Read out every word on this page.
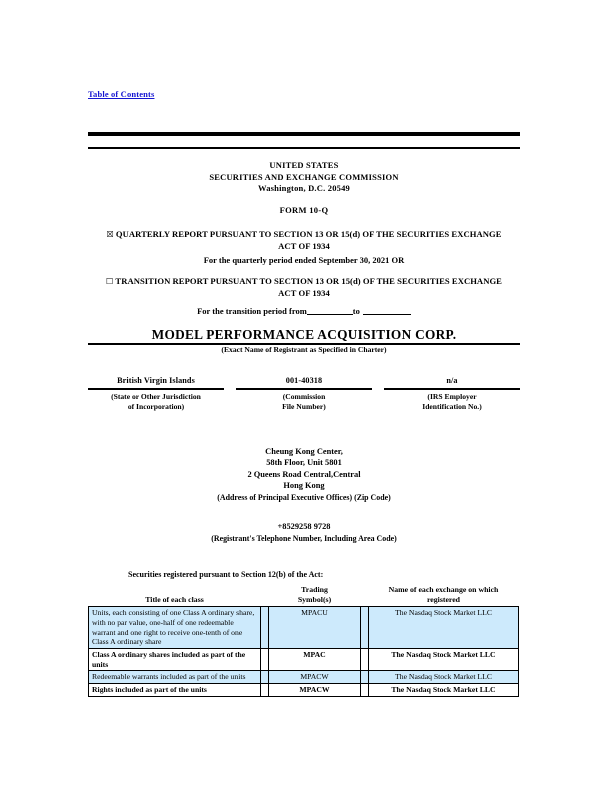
Table of Contents
UNITED STATES
SECURITIES AND EXCHANGE COMMISSION
Washington, D.C. 20549
FORM 10-Q
☒ QUARTERLY REPORT PURSUANT TO SECTION 13 OR 15(d) OF THE SECURITIES EXCHANGE
ACT OF 1934
For the quarterly period ended September 30, 2021 OR
☐ TRANSITION REPORT PURSUANT TO SECTION 13 OR 15(d) OF THE SECURITIES EXCHANGE
ACT OF 1934
For the transition period from	to
MODEL PERFORMANCE ACQUISITION CORP.
(Exact Name of Registrant as Specified in Charter)
British Virgin Islands
(State or Other Jurisdiction
of Incorporation)
001-40318
(Commission
File Number)
n/a
(IRS Employer
Identification No.)
Cheung Kong Center,
58th Floor, Unit 5801
2 Queens Road Central,Central
Hong Kong
(Address of Principal Executive Offices) (Zip Code)
+8529258 9728
(Registrant's Telephone Number, Including Area Code)
Securities registered pursuant to Section 12(b) of the Act:
Title of each class		
Trading
Symbol(s)

Name of each exchange on which
registered

Units, each consisting of one Class A ordinary share, with no par value, one-half of one redeemable warrant and one right to receive one-tenth of one Class A ordinary share		MPACU		The Nasdaq Stock Market LLC
Class A ordinary shares included as part of the units		MPAC		The Nasdaq Stock Market LLC
Redeemable warrants included as part of the units		MPACW		The Nasdaq Stock Market LLC
Rights included as part of the units		MPACW		The Nasdaq Stock Market LLC
